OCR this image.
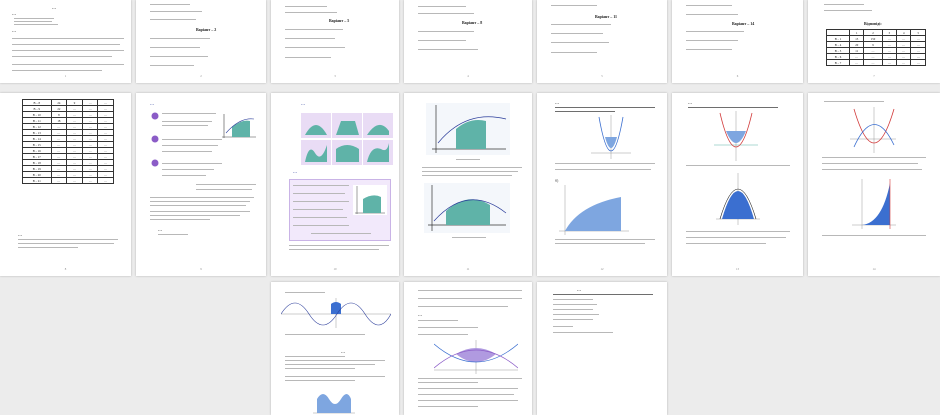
…
…
…
1
Варіант – 2
2
Варіант – 5
3
Варіант – 8
4
Варіант – 11
5
Варіант – 14
6
Відповіді:
	1	2	3	4	5
B – 1	15	150	…	…	…
B – 4	20	9	…	…	…
B – 5	11	…	…	…	…
B – 6	…	…	…	…	…
B – 7	…	…	…	…	…
7
B – 8	24	9	…	…
B – 9	22	…	…	…
B – 10	8	…	…	…
B – 11	18	…	…	…
B – 12	…	…	…	…
B – 13	…	…	…	…
B – 14	…	…	…	…
B – 15	…	…	…	…
B – 16	…	…	…	…
B – 17	…	…	…	…
B – 18	…	…	…	…
B – 19	…	…	…	…
B – 20	…	…	…	…
B – 21	…	…	…	…
…
8
…
…
9
…
…
10	11
…
б)
12
…
13	14
…
…
…
